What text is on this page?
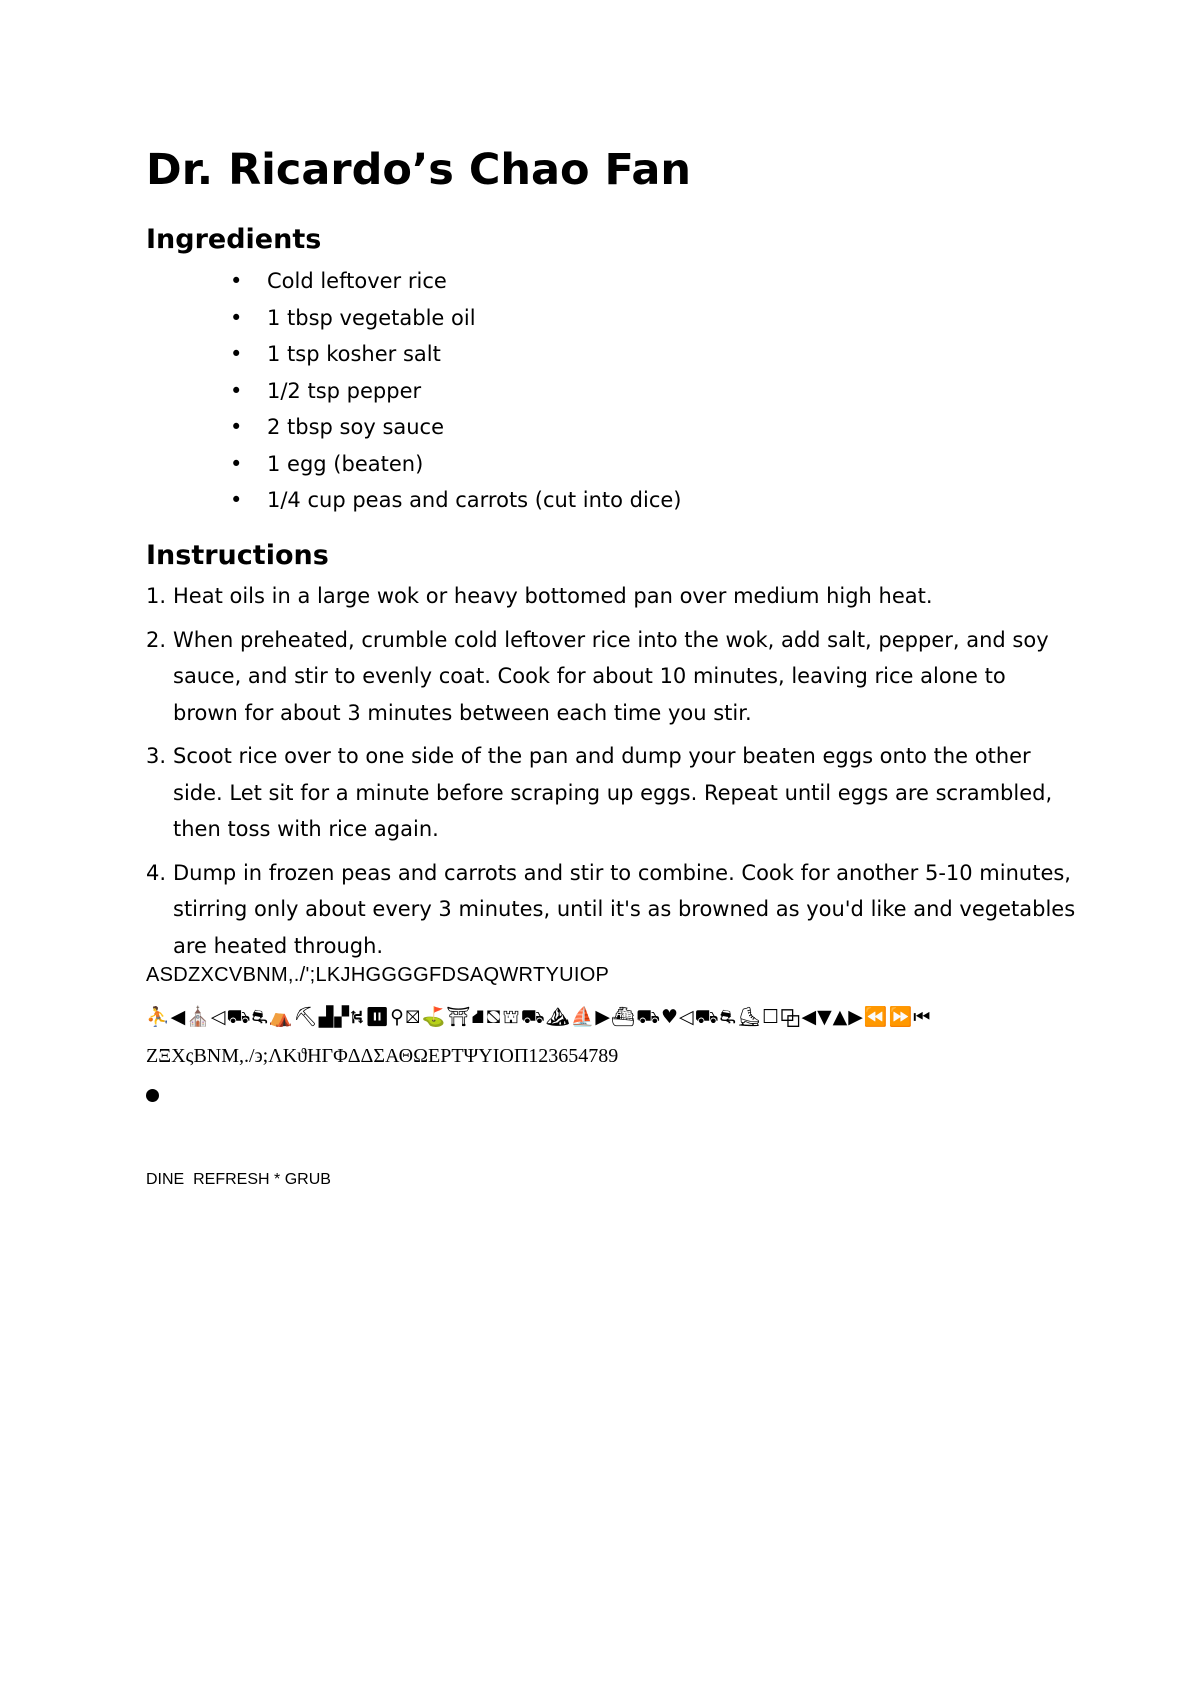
Dr. Ricardo’s Chao Fan
Ingredients
• Cold leftover rice
• 1 tbsp vegetable oil
• 1 tsp kosher salt
• 1/2 tsp pepper
• 2 tbsp soy sauce
• 1 egg (beaten)
• 1/4 cup peas and carrots (cut into dice)
Instructions
1. Heat oils in a large wok or heavy bottomed pan over medium high heat.
2. When preheated, crumble cold leftover rice into the wok, add salt, pepper, and soy sauce, and stir to evenly coat. Cook for about 10 minutes, leaving rice alone to brown for about 3 minutes between each time you stir.
3. Scoot rice over to one side of the pan and dump your beaten eggs onto the other side. Let sit for a minute before scraping up eggs. Repeat until eggs are scrambled, then toss with rice again.
4. Dump in frozen peas and carrots and stir to combine. Cook for another 5-10 minutes, stirring only about every 3 minutes, until it's as browned as you'd like and vegetables are heated through.
ASDZXCVBNM,./';LKJHGGGGFDSAQWRTYUIOP
⛹◀⛪◁⛟⛐⛺⛏▟▞⛕⏸⚲⛝⛳⛩⛘⛞⛫⛟⛰⛵▶⛴⛟♥◁⛟⛐⛸☐⧉◀▼▲▶⏪⏩⏮
ΖΞΧςΒΝΜ,./϶;ΛΚϑΗΓΦΔΔΣΑΘΩΕΡΤΨΥΙΟΠ123654789
DINE  REFRESH * GRUB
